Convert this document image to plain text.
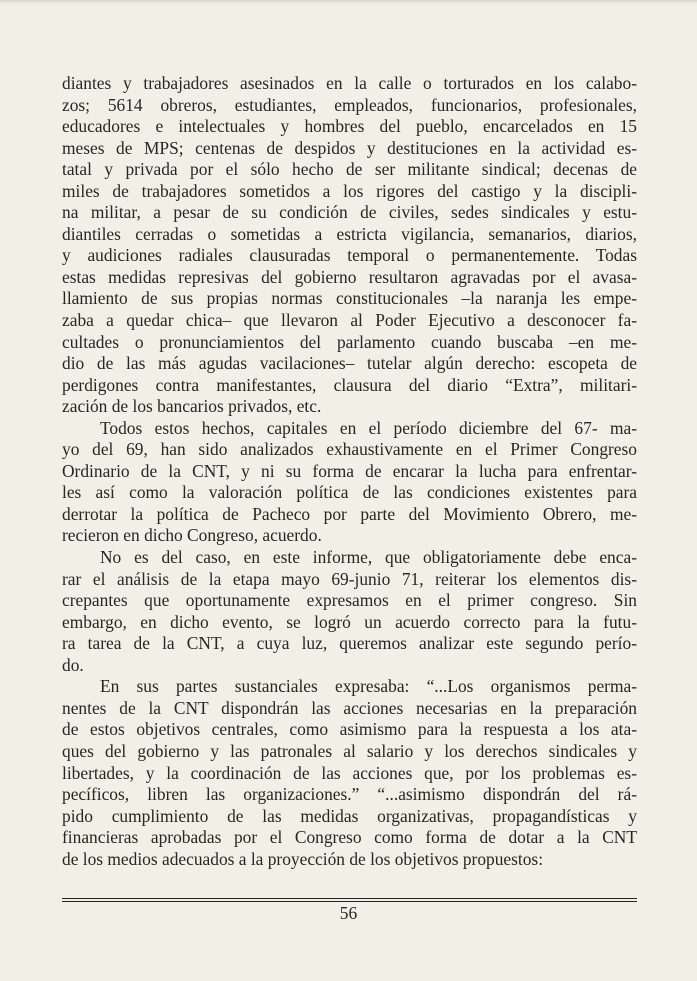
diantes y trabajadores asesinados en la calle o torturados en los calabo-
zos; 5614 obreros, estudiantes, empleados, funcionarios, profesionales,
educadores e intelectuales y hombres del pueblo, encarcelados en 15
meses de MPS; centenas de despidos y destituciones en la actividad es-
tatal y privada por el sólo hecho de ser militante sindical; decenas de
miles de trabajadores sometidos a los rigores del castigo y la discipli-
na militar, a pesar de su condición de civiles, sedes sindicales y estu-
diantiles cerradas o sometidas a estricta vigilancia, semanarios, diarios,
y audiciones radiales clausuradas temporal o permanentemente. Todas
estas medidas represivas del gobierno resultaron agravadas por el avasa-
llamiento de sus propias normas constitucionales –la naranja les empe-
zaba a quedar chica– que llevaron al Poder Ejecutivo a desconocer fa-
cultades o pronunciamientos del parlamento cuando buscaba –en me-
dio de las más agudas vacilaciones– tutelar algún derecho: escopeta de
perdigones contra manifestantes, clausura del diario “Extra”, militari-
zación de los bancarios privados, etc.
Todos estos hechos, capitales en el período diciembre del 67- ma-
yo del 69, han sido analizados exhaustivamente en el Primer Congreso
Ordinario de la CNT, y ni su forma de encarar la lucha para enfrentar-
les así como la valoración política de las condiciones existentes para
derrotar la política de Pacheco por parte del Movimiento Obrero, me-
recieron en dicho Congreso, acuerdo.
No es del caso, en este informe, que obligatoriamente debe enca-
rar el análisis de la etapa mayo 69-junio 71, reiterar los elementos dis-
crepantes que oportunamente expresamos en el primer congreso. Sin
embargo, en dicho evento, se logró un acuerdo correcto para la futu-
ra tarea de la CNT, a cuya luz, queremos analizar este segundo perío-
do.
En sus partes sustanciales expresaba: “...Los organismos perma-
nentes de la CNT dispondrán las acciones necesarias en la preparación
de estos objetivos centrales, como asimismo para la respuesta a los ata-
ques del gobierno y las patronales al salario y los derechos sindicales y
libertades, y la coordinación de las acciones que, por los problemas es-
pecíficos, libren las organizaciones.” “...asimismo dispondrán del rá-
pido cumplimiento de las medidas organizativas, propagandísticas y
financieras aprobadas por el Congreso como forma de dotar a la CNT
de los medios adecuados a la proyección de los objetivos propuestos:
56
